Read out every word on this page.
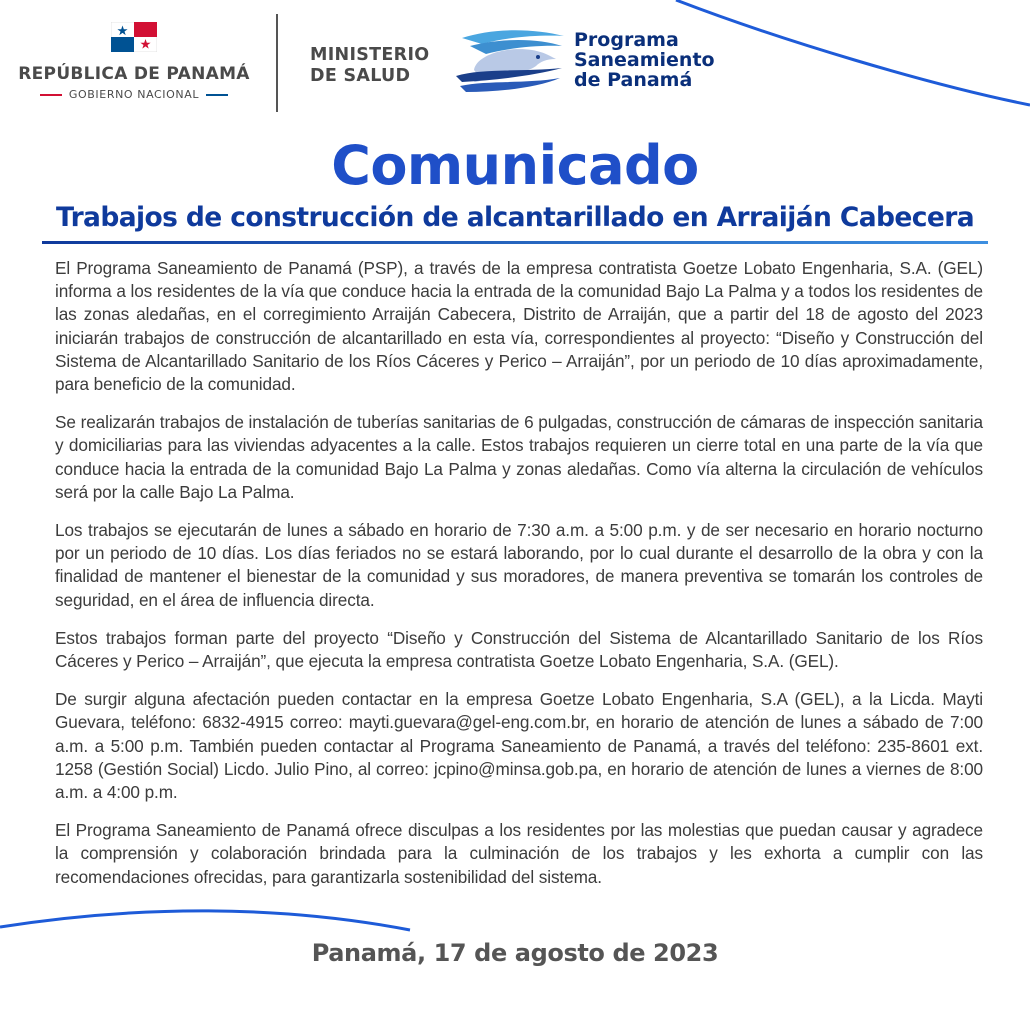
REPÚBLICA DE PANAMÁ
GOBIERNO NACIONAL
MINISTERIO
DE SALUD
Programa
Saneamiento
de Panamá
Comunicado
Trabajos de construcción de alcantarillado en Arraiján Cabecera

El Programa Saneamiento de Panamá (PSP), a través de la empresa contratista Goetze Lobato Engenharia, S.A. (GEL) informa a los residentes de la vía que conduce hacia la entrada de la comunidad Bajo La Palma y a todos los residentes de las zonas aledañas, en el corregimiento Arraiján Cabecera, Distrito de Arraiján, que a partir del 18 de agosto del 2023 iniciarán trabajos de construcción de alcantarillado en esta vía, correspondientes al proyecto: “Diseño y Construcción del Sistema de Alcantarillado Sanitario de los Ríos Cáceres y Perico – Arraiján”, por un periodo de 10 días aproximadamente, para beneficio de la comunidad.

Se realizarán trabajos de instalación de tuberías sanitarias de 6 pulgadas, construcción de cámaras de inspección sanitaria y domiciliarias para las viviendas adyacentes a la calle. Estos trabajos requieren un cierre total en una parte de la vía que conduce hacia la entrada de la comunidad Bajo La Palma y zonas aledañas. Como vía alterna la circulación de vehículos será por la calle Bajo La Palma.

Los trabajos se ejecutarán de lunes a sábado en horario de 7:30 a.m. a 5:00 p.m. y de ser necesario en horario nocturno por un periodo de 10 días. Los días feriados no se estará laborando, por lo cual durante el desarrollo de la obra y con la finalidad de mantener el bienestar de la comunidad y sus moradores, de manera preventiva se tomarán los controles de seguridad, en el área de influencia directa.

Estos trabajos forman parte del proyecto “Diseño y Construcción del Sistema de Alcantarillado Sanitario de los Ríos Cáceres y Perico – Arraiján”, que ejecuta la empresa contratista Goetze Lobato Engenharia, S.A. (GEL).

De surgir alguna afectación pueden contactar en la empresa Goetze Lobato Engenharia, S.A (GEL), a la Licda. Mayti Guevara, teléfono: 6832-4915 correo: mayti.guevara@gel-eng.com.br, en horario de atención de lunes a sábado de 7:00 a.m. a 5:00 p.m. También pueden contactar al Programa Saneamiento de Panamá, a través del teléfono: 235-8601 ext. 1258 (Gestión Social) Licdo. Julio Pino, al correo: jcpino@minsa.gob.pa, en horario de atención de lunes a viernes de 8:00 a.m. a 4:00 p.m.

El Programa Saneamiento de Panamá ofrece disculpas a los residentes por las molestias que puedan causar y agradece la comprensión y colaboración brindada para la culminación de los trabajos y les exhorta a cumplir con las recomendaciones ofrecidas, para garantizarla sostenibilidad del sistema.

Panamá, 17 de agosto de 2023
